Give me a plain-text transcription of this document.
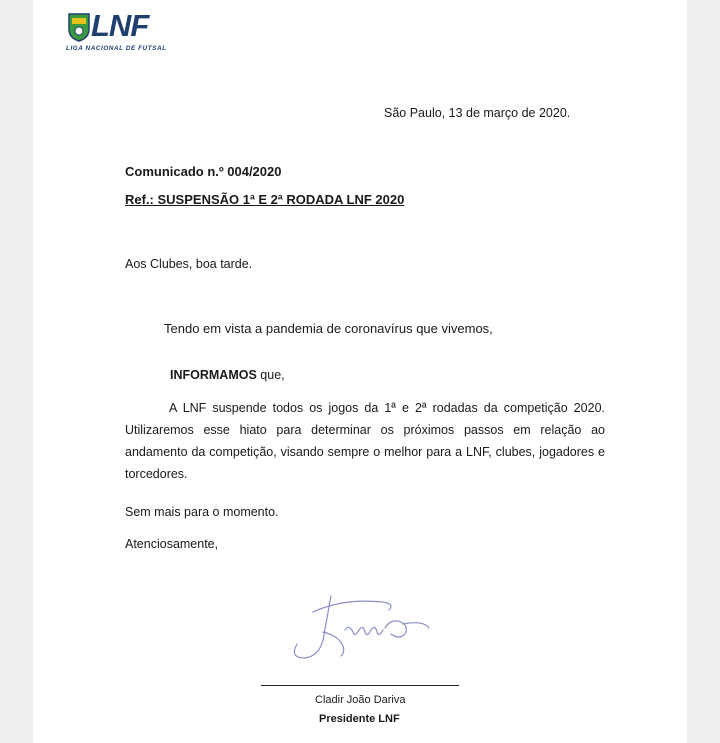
LNF
LIGA NACIONAL DE FUTSAL
São Paulo, 13 de março de 2020.
Comunicado n.º 004/2020
Ref.: SUSPENSÃO 1ª E 2ª RODADA LNF 2020
Aos Clubes, boa tarde.
Tendo em vista a pandemia de coronavírus que vivemos,
INFORMAMOS que,
A LNF suspende todos os jogos da 1ª e 2ª rodadas da competição 2020. Utilizaremos esse hiato para determinar os próximos passos em relação ao andamento da competição, visando sempre o melhor para a LNF, clubes, jogadores e torcedores.
Sem mais para o momento.
Atenciosamente,
Cladir João Dariva
Presidente LNF
